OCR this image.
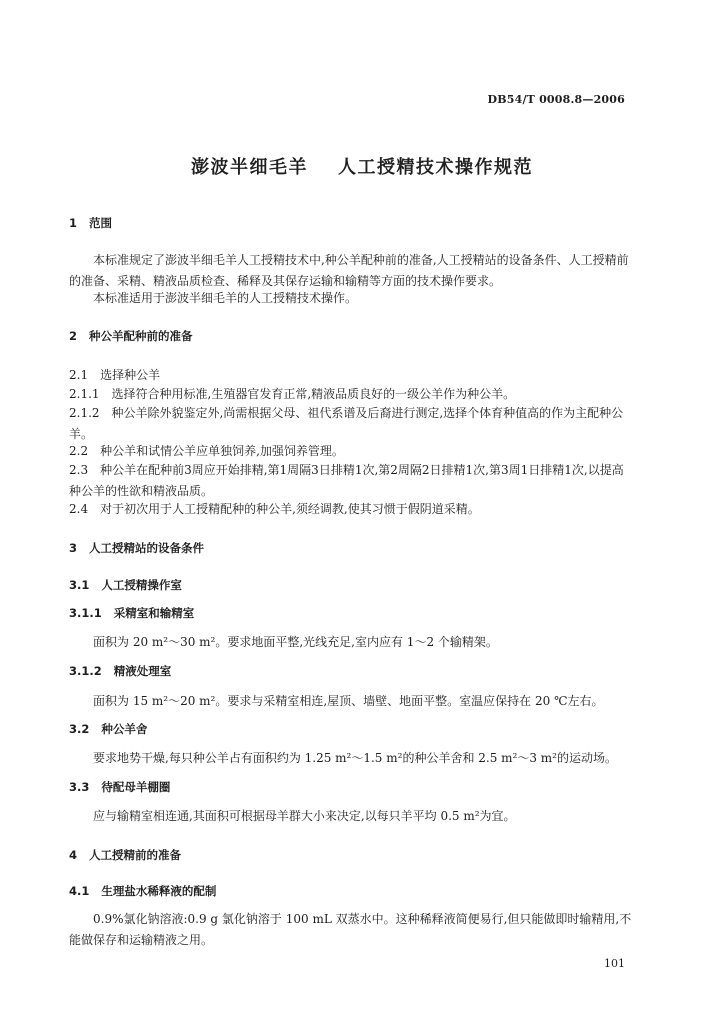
DB54/T 0008.8—2006
澎波半细毛羊 人工授精技术操作规范
1 范围
本标准规定了澎波半细毛羊人工授精技术中,种公羊配种前的准备,人工授精站的设备条件、人工授精前的准备、采精、精液品质检查、稀释及其保存运输和输精等方面的技术操作要求。
本标准适用于澎波半细毛羊的人工授精技术操作。
2 种公羊配种前的准备
2.1 选择种公羊
2.1.1 选择符合种用标准,生殖器官发育正常,精液品质良好的一级公羊作为种公羊。
2.1.2 种公羊除外貌鉴定外,尚需根据父母、祖代系谱及后裔进行测定,选择个体育种值高的作为主配种公羊。
2.2 种公羊和试情公羊应单独饲养,加强饲养管理。
2.3 种公羊在配种前3周应开始排精,第1周隔3日排精1次,第2周隔2日排精1次,第3周1日排精1次,以提高种公羊的性欲和精液品质。
2.4 对于初次用于人工授精配种的种公羊,须经调教,使其习惯于假阴道采精。
3 人工授精站的设备条件
3.1 人工授精操作室
3.1.1 采精室和输精室
面积为 20 m²～30 m²。要求地面平整,光线充足,室内应有 1～2 个输精架。
3.1.2 精液处理室
面积为 15 m²～20 m²。要求与采精室相连,屋顶、墙壁、地面平整。室温应保持在 20 ℃左右。
3.2 种公羊舍
要求地势干燥,每只种公羊占有面积约为 1.25 m²～1.5 m²的种公羊舍和 2.5 m²～3 m²的运动场。
3.3 待配母羊棚圈
应与输精室相连通,其面积可根据母羊群大小来决定,以每只羊平均 0.5 m²为宜。
4 人工授精前的准备
4.1 生理盐水稀释液的配制
0.9%氯化钠溶液:0.9 g 氯化钠溶于 100 mL 双蒸水中。这种稀释液简便易行,但只能做即时输精用,不能做保存和运输精液之用。
101
